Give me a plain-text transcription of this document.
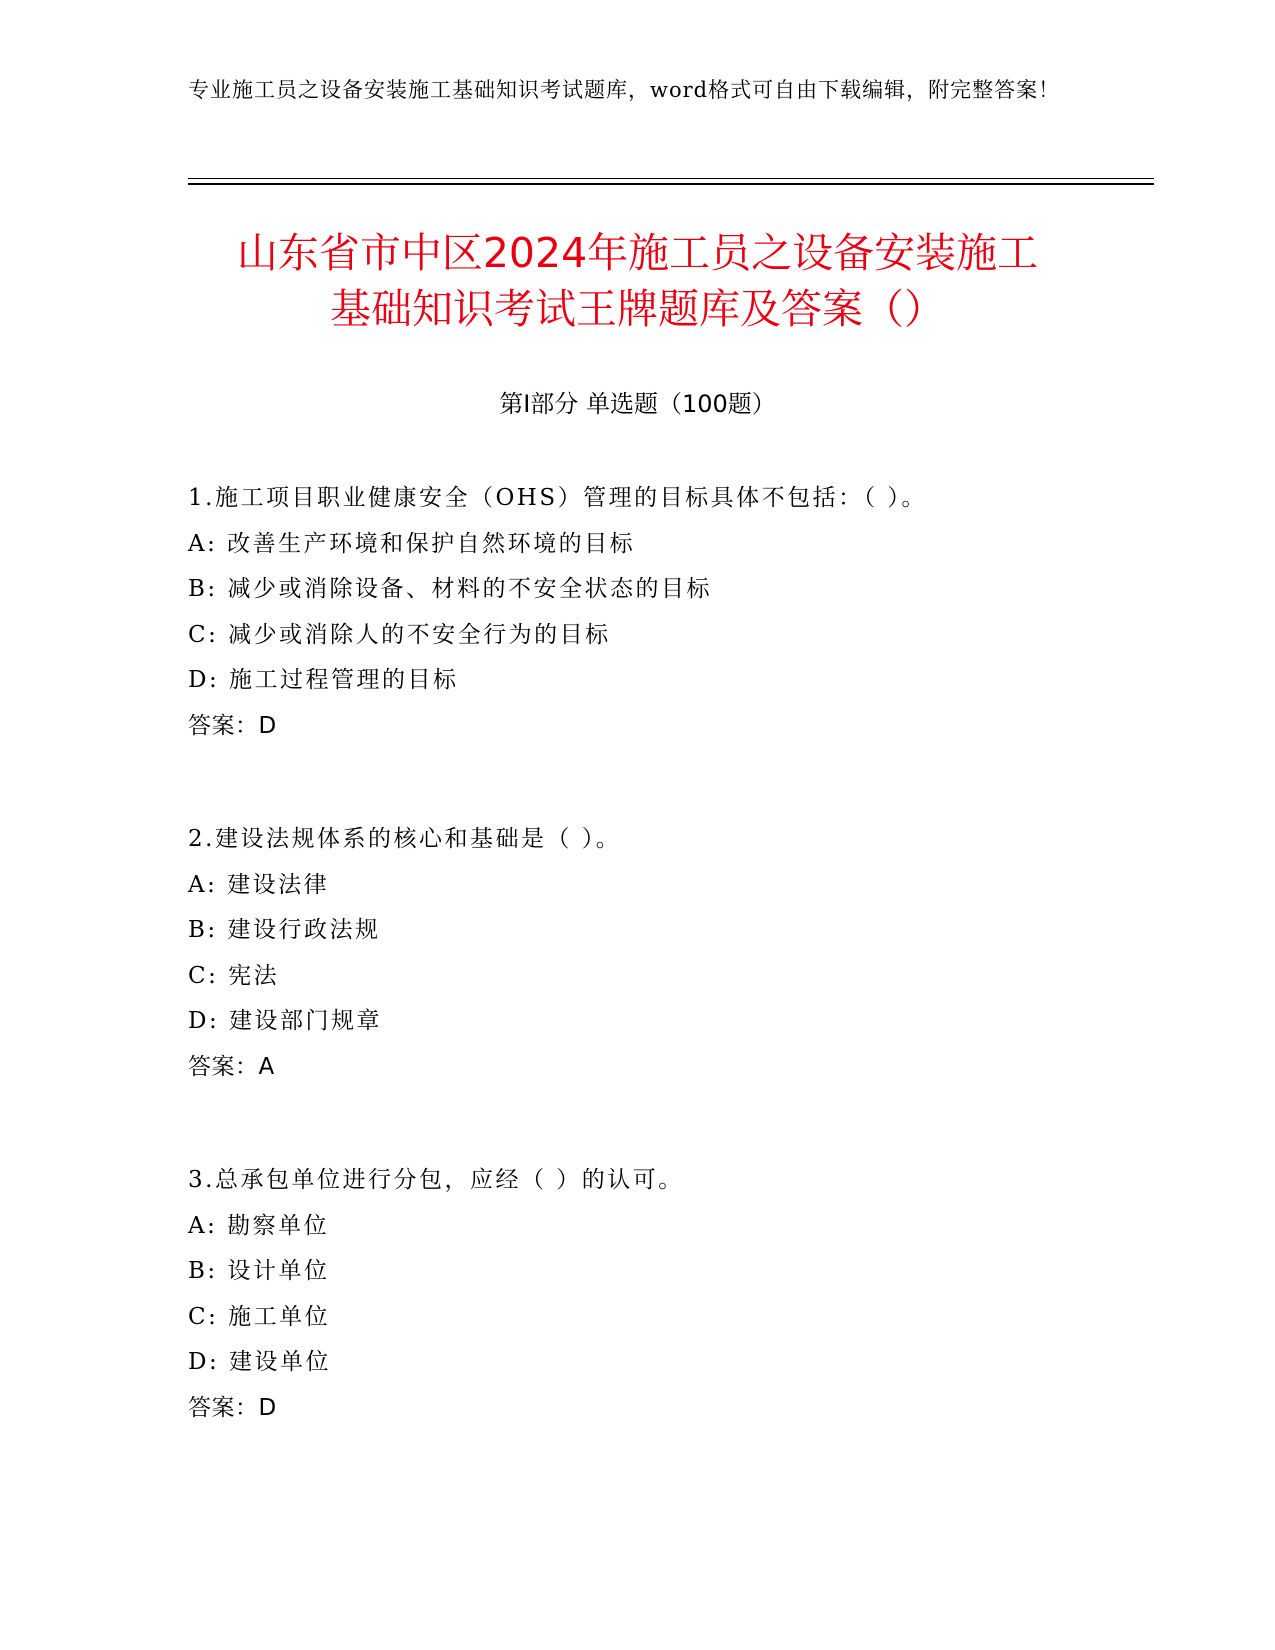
专业施工员之设备安装施工基础知识考试题库，word格式可自由下载编辑，附完整答案！
山东省市中区2024年施工员之设备安装施工
基础知识考试王牌题库及答案（）
第Ⅰ部分 单选题（100题）
1.施工项目职业健康安全（OHS）管理的目标具体不包括：（ ）。
A: 改善生产环境和保护自然环境的目标
B: 减少或消除设备、材料的不安全状态的目标
C: 减少或消除人的不安全行为的目标
D: 施工过程管理的目标
答案：D
2.建设法规体系的核心和基础是（ ）。
A: 建设法律
B: 建设行政法规
C: 宪法
D: 建设部门规章
答案：A
3.总承包单位进行分包，应经（ ）的认可。
A: 勘察单位
B: 设计单位
C: 施工单位
D: 建设单位
答案：D
